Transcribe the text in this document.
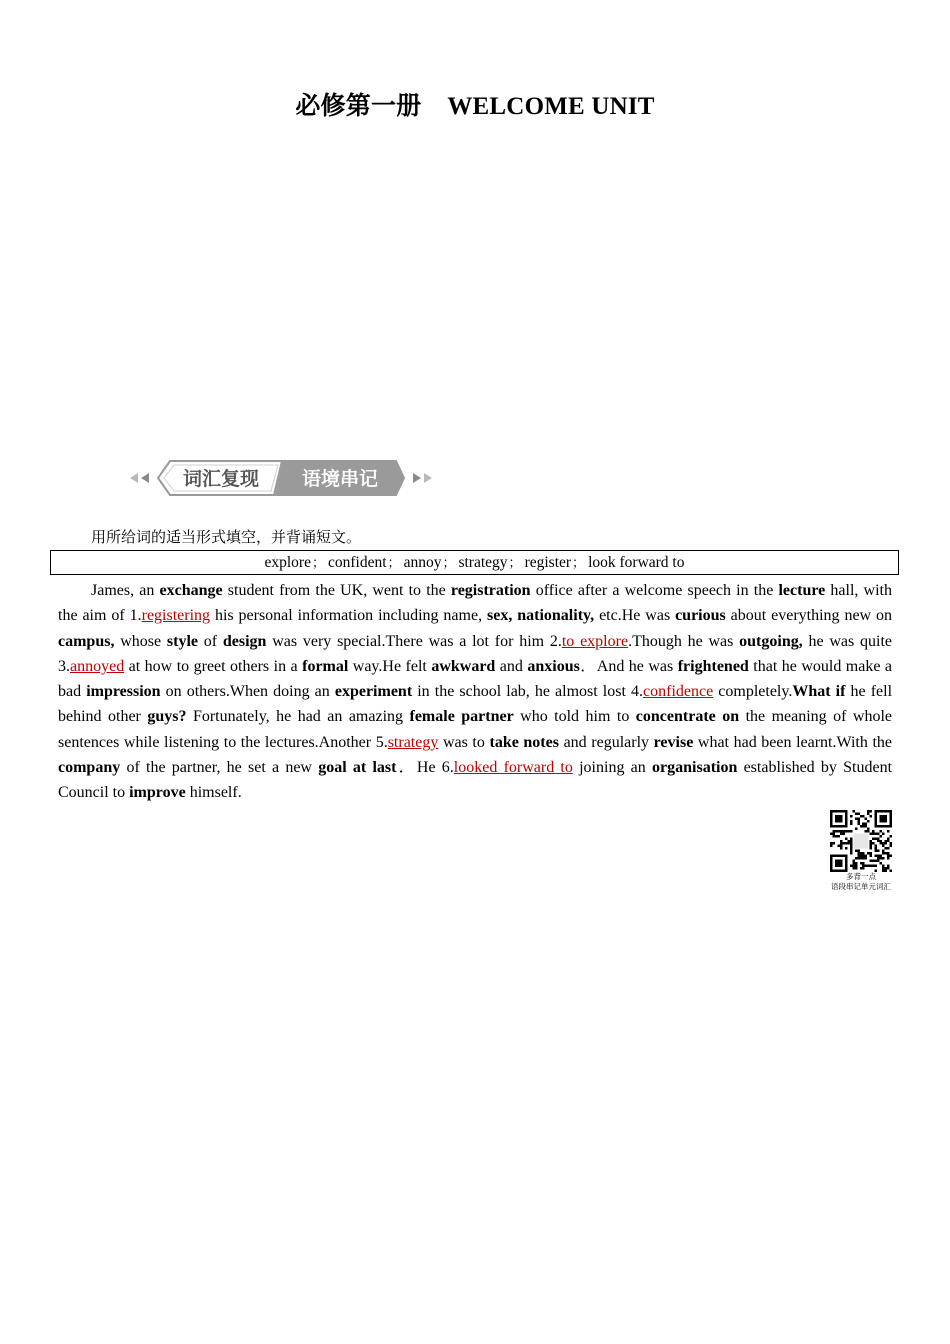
必修第一册 WELCOME UNIT
词汇复现 语境串记
用所给词的适当形式填空，并背诵短文。
explore； confident； annoy； strategy； register； look forward to

James, an exchange student from the UK, went to the registration office after a welcome speech in the lecture hall, with the aim of 1.registering his personal information including name, sex, nationality, etc.He was curious about everything new on campus, whose style of design was very special.There was a lot for him 2.to explore.Though he was outgoing, he was quite 3.annoyed at how to greet others in a formal way.He felt awkward and anxious．And he was frightened that he would make a bad impression on others.When doing an experiment in the school lab, he almost lost 4.confidence completely.What if he fell behind other guys? Fortunately, he had an amazing female partner who told him to concentrate on the meaning of whole sentences while listening to the lectures.Another 5.strategy was to take notes and regularly revise what had been learnt.With the company of the partner, he set a new goal at last．He 6.looked forward to joining an organisation established by Student Council to improve himself.

多背一点
语段串记单元词汇
